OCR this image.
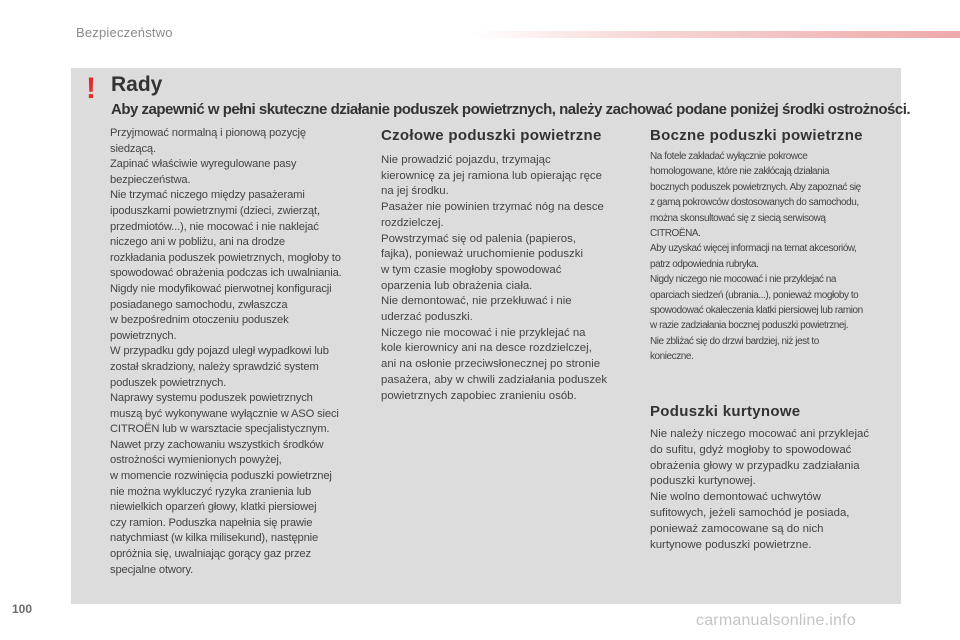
Bezpieczeństwo
! Rady
Aby zapewnić w pełni skuteczne działanie poduszek powietrznych, należy zachować podane poniżej środki ostrożności.

Przyjmować normalną i pionową pozycję
siedzącą.
Zapinać właściwie wyregulowane pasy
bezpieczeństwa.
Nie trzymać niczego między pasażerami
ipoduszkami powietrznymi (dzieci, zwierząt,
przedmiotów...), nie mocować i nie naklejać
niczego ani w pobliżu, ani na drodze
rozkładania poduszek powietrznych, mogłoby to
spowodować obrażenia podczas ich uwalniania.
Nigdy nie modyfikować pierwotnej konfiguracji
posiadanego samochodu, zwłaszcza
w bezpośrednim otoczeniu poduszek
powietrznych.
W przypadku gdy pojazd uległ wypadkowi lub
został skradziony, należy sprawdzić system
poduszek powietrznych.
Naprawy systemu poduszek powietrznych
muszą być wykonywane wyłącznie w ASO sieci
CITROËN lub w warsztacie specjalistycznym.
Nawet przy zachowaniu wszystkich środków
ostrożności wymienionych powyżej,
w momencie rozwinięcia poduszki powietrznej
nie można wykluczyć ryzyka zranienia lub
niewielkich oparzeń głowy, klatki piersiowej
czy ramion. Poduszka napełnia się prawie
natychmiast (w kilka milisekund), następnie
opróżnia się, uwalniając gorący gaz przez
specjalne otwory.

Czołowe poduszki powietrzne

Nie prowadzić pojazdu, trzymając
kierownicę za jej ramiona lub opierając ręce
na jej środku.
Pasażer nie powinien trzymać nóg na desce
rozdzielczej.
Powstrzymać się od palenia (papieros,
fajka), ponieważ uruchomienie poduszki
w tym czasie mogłoby spowodować
oparzenia lub obrażenia ciała.
Nie demontować, nie przekłuwać i nie
uderzać poduszki.
Niczego nie mocować i nie przyklejać na
kole kierownicy ani na desce rozdzielczej,
ani na osłonie przeciwsłonecznej po stronie
pasażera, aby w chwili zadziałania poduszek
powietrznych zapobiec zranieniu osób.

Boczne poduszki powietrzne

Na fotele zakładać wyłącznie pokrowce
homologowane, które nie zakłócają działania
bocznych poduszek powietrznych. Aby zapoznać się
z gamą pokrowców dostosowanych do samochodu,
można skonsultować się z siecią serwisową
CITROËNA.
Aby uzyskać więcej informacji na temat akcesoriów,
patrz odpowiednia rubryka.
Nigdy niczego nie mocować i nie przyklejać na
oparciach siedzeń (ubrania...), ponieważ mogłoby to
spowodować okaleczenia klatki piersiowej lub ramion
w razie zadziałania bocznej poduszki powietrznej.
Nie zbliżać się do drzwi bardziej, niż jest to
konieczne.

Poduszki kurtynowe

Nie należy niczego mocować ani przyklejać
do sufitu, gdyż mogłoby to spowodować
obrażenia głowy w przypadku zadziałania
poduszki kurtynowej.
Nie wolno demontować uchwytów
sufitowych, jeżeli samochód je posiada,
ponieważ zamocowane są do nich
kurtynowe poduszki powietrzne.

100
carmanualsonline.info
